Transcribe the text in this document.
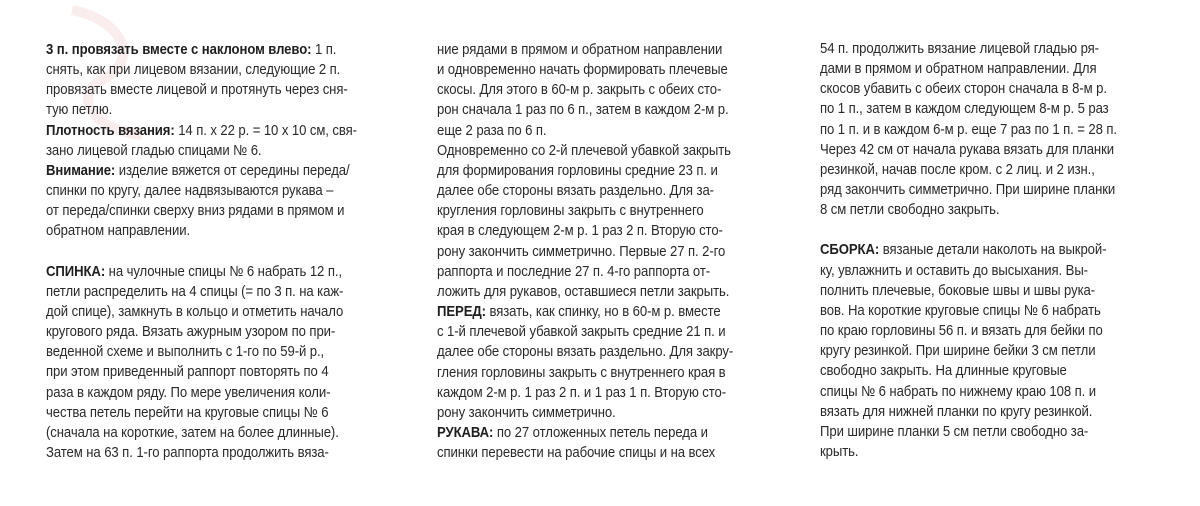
3 п. провязать вместе с наклоном влево: 1 п.
снять, как при лицевом вязании, следующие 2 п.
провязать вместе лицевой и протянуть через сня-
тую петлю.
Плотность вязания: 14 п. х 22 р. = 10 х 10 см, свя-
зано лицевой гладью спицами № 6.
Внимание: изделие вяжется от середины переда/
спинки по кругу, далее надвязываются рукава –
от переда/спинки сверху вниз рядами в прямом и
обратном направлении.
СПИНКА: на чулочные спицы № 6 набрать 12 п.,
петли распределить на 4 спицы (= по 3 п. на каж-
дой спице), замкнуть в кольцо и отметить начало
кругового ряда. Вязать ажурным узором по при-
веденной схеме и выполнить с 1-го по 59-й р.,
при этом приведенный раппорт повторять по 4
раза в каждом ряду. По мере увеличения коли-
чества петель перейти на круговые спицы № 6
(сначала на короткие, затем на более длинные).
Затем на 63 п. 1-го раппорта продолжить вяза-
ние рядами в прямом и обратном направлении
и одновременно начать формировать плечевые
скосы. Для этого в 60-м р. закрыть с обеих сто-
рон сначала 1 раз по 6 п., затем в каждом 2-м р.
еще 2 раза по 6 п.
Одновременно со 2-й плечевой убавкой закрыть
для формирования горловины средние 23 п. и
далее обе стороны вязать раздельно. Для за-
кругления горловины закрыть с внутреннего
края в следующем 2-м р. 1 раз 2 п. Вторую сто-
рону закончить симметрично. Первые 27 п. 2-го
раппорта и последние 27 п. 4-го раппорта от-
ложить для рукавов, оставшиеся петли закрыть.
ПЕРЕД: вязать, как спинку, но в 60-м р. вместе
с 1-й плечевой убавкой закрыть средние 21 п. и
далее обе стороны вязать раздельно. Для закру-
гления горловины закрыть с внутреннего края в
каждом 2-м р. 1 раз 2 п. и 1 раз 1 п. Вторую сто-
рону закончить симметрично.
РУКАВА: по 27 отложенных петель переда и
спинки перевести на рабочие спицы и на всех
54 п. продолжить вязание лицевой гладью ря-
дами в прямом и обратном направлении. Для
скосов убавить с обеих сторон сначала в 8-м р.
по 1 п., затем в каждом следующем 8-м р. 5 раз
по 1 п. и в каждом 6-м р. еще 7 раз по 1 п. = 28 п.
Через 42 см от начала рукава вязать для планки
резинкой, начав после кром. с 2 лиц. и 2 изн.,
ряд закончить симметрично. При ширине планки
8 см петли свободно закрыть.
СБОРКА: вязаные детали наколоть на выкрой-
ку, увлажнить и оставить до высыхания. Вы-
полнить плечевые, боковые швы и швы рука-
вов. На короткие круговые спицы № 6 набрать
по краю горловины 56 п. и вязать для бейки по
кругу резинкой. При ширине бейки 3 см петли
свободно закрыть. На длинные круговые
спицы № 6 набрать по нижнему краю 108 п. и
вязать для нижней планки по кругу резинкой.
При ширине планки 5 см петли свободно за-
крыть.
